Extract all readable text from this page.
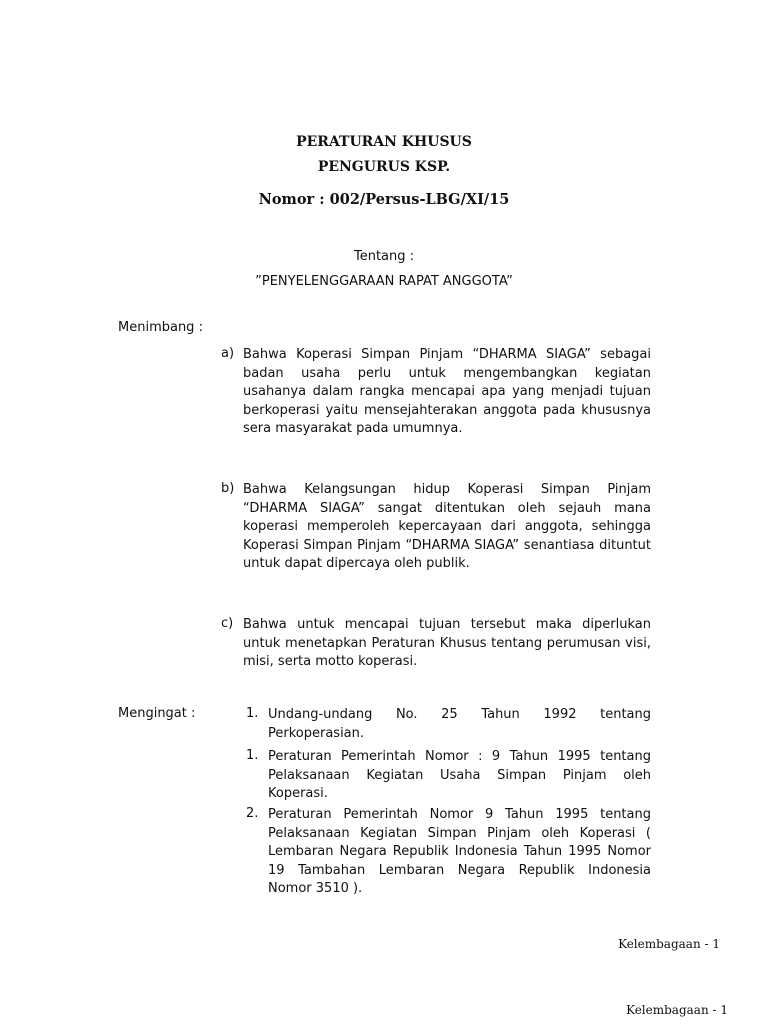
PERATURAN KHUSUS
PENGURUS KSP.
Nomor : 002/Persus-LBG/XI/15
Tentang :
”PENYELENGGARAAN RAPAT ANGGOTA”
Menimbang :
a) Bahwa Koperasi Simpan Pinjam “DHARMA SIAGA” sebagai badan usaha perlu untuk mengembangkan kegiatan usahanya dalam rangka mencapai apa yang menjadi tujuan berkoperasi yaitu mensejahterakan anggota pada khususnya sera masyarakat pada umumnya.
b) Bahwa Kelangsungan hidup Koperasi Simpan Pinjam “DHARMA SIAGA” sangat ditentukan oleh sejauh mana koperasi memperoleh kepercayaan dari anggota, sehingga Koperasi Simpan Pinjam “DHARMA SIAGA” senantiasa dituntut untuk dapat dipercaya oleh publik.
c) Bahwa untuk mencapai tujuan tersebut maka diperlukan untuk menetapkan Peraturan Khusus tentang perumusan visi, misi, serta motto koperasi.
Mengingat :	1. Undang-undang No. 25 Tahun 1992 tentang Perkoperasian.
1. Peraturan Pemerintah Nomor : 9 Tahun 1995 tentang Pelaksanaan Kegiatan Usaha Simpan Pinjam oleh Koperasi.
2. Peraturan Pemerintah Nomor 9 Tahun 1995 tentang Pelaksanaan Kegiatan Simpan Pinjam oleh Koperasi ( Lembaran Negara Republik Indonesia Tahun 1995 Nomor 19 Tambahan Lembaran Negara Republik Indonesia Nomor 3510 ).
Kelembagaan - 1
Kelembagaan - 1
